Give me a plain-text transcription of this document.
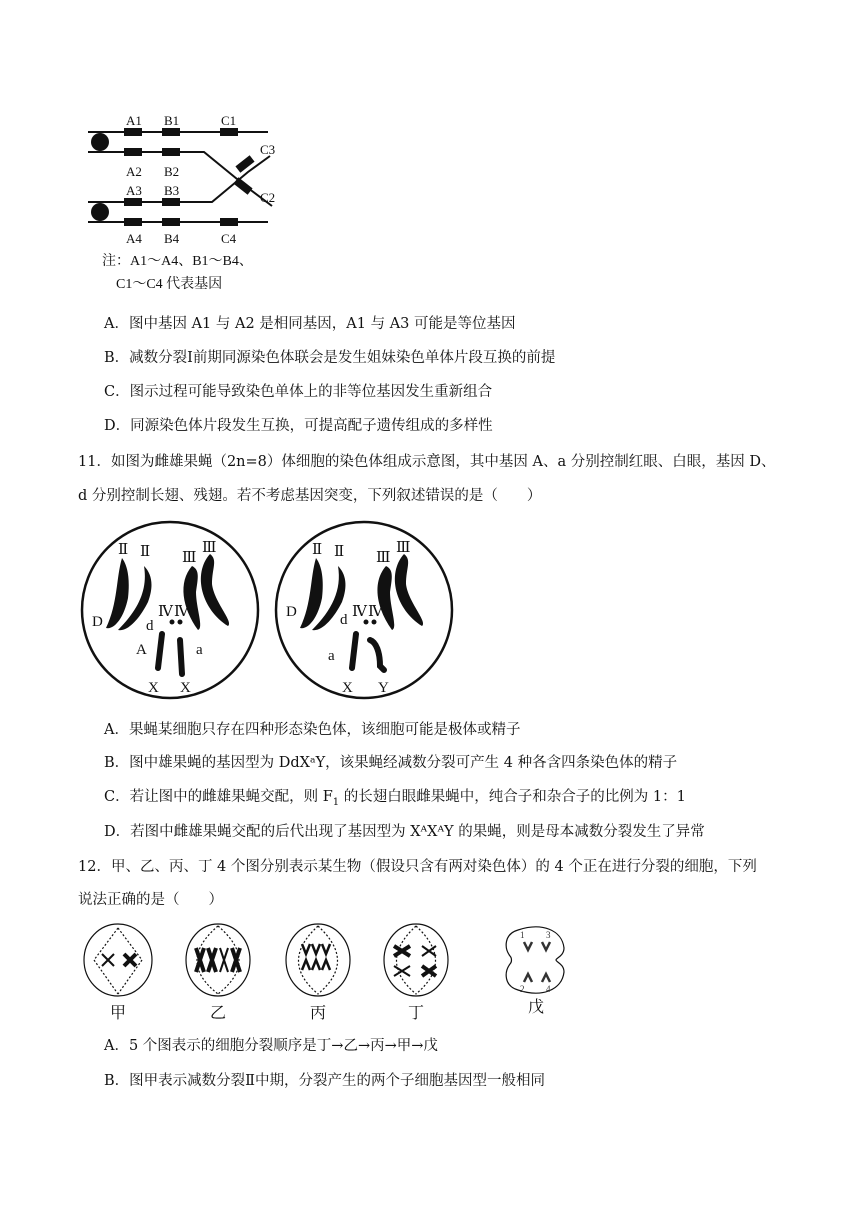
A1 B1	C1
A2 B2
C3
C2
A3 B3
A4 B4	C4
注：A1～A4、B1～B4、
C1～C4 代表基因
A．图中基因 A1 与 A2 是相同基因，A1 与 A3 可能是等位基因
B．减数分裂Ⅰ前期同源染色体联会是发生姐妹染色单体片段互换的前提
C．图示过程可能导致染色单体上的非等位基因发生重新组合
D．同源染色体片段发生互换，可提高配子遗传组成的多样性
11．如图为雌雄果蝇（2n=8）体细胞的染色体组成示意图，其中基因 A、a 分别控制红眼、白眼，基因 D、
d 分别控制长翅、残翅。若不考虑基因突变，下列叙述错误的是（　　）
Ⅱ Ⅱ Ⅲ
Ⅲ
Ⅳ Ⅳ
D	d
A	a
X X
Ⅱ Ⅱ Ⅲ
Ⅲ
Ⅳ Ⅳ
D	d
a
X Y
A．果蝇某细胞只存在四种形态染色体，该细胞可能是极体或精子
B．图中雄果蝇的基因型为 DdXᵃY，该果蝇经减数分裂可产生 4 种各含四条染色体的精子
C．若让图中的雌雄果蝇交配，则 $F_1$ 的长翅白眼雌果蝇中，纯合子和杂合子的比例为 1：1
D．若图中雌雄果蝇交配的后代出现了基因型为 XᴬXᴬY 的果蝇，则是母本减数分裂发生了异常
12．甲、乙、丙、丁 4 个图分别表示某生物（假设只含有两对染色体）的 4 个正在进行分裂的细胞，下列
说法正确的是（　　）
1 3
2 4
甲	乙	丙	丁	戊
A．5 个图表示的细胞分裂顺序是丁→乙→丙→甲→戊
B．图甲表示减数分裂Ⅱ中期，分裂产生的两个子细胞基因型一般相同
